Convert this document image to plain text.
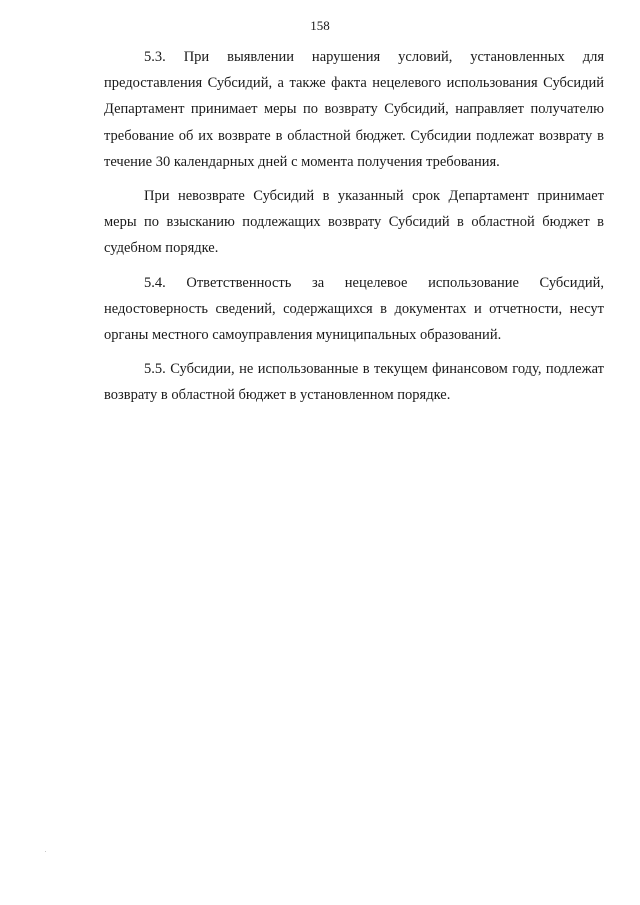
158

5.3. При выявлении нарушения условий, установленных для предоставления Субсидий, а также факта нецелевого использования Субсидий Департамент принимает меры по возврату Субсидий, направляет получателю требование об их возврате в областной бюджет. Субсидии подлежат возврату в течение 30 календарных дней с момента получения требования.

При невозврате Субсидий в указанный срок Департамент принимает меры по взысканию подлежащих возврату Субсидий в областной бюджет в судебном порядке.

5.4. Ответственность за нецелевое использование Субсидий, недостоверность сведений, содержащихся в документах и отчетности, несут органы местного самоуправления муниципальных образований.

5.5. Субсидии, не использованные в текущем финансовом году, подлежат возврату в областной бюджет в установленном порядке.
